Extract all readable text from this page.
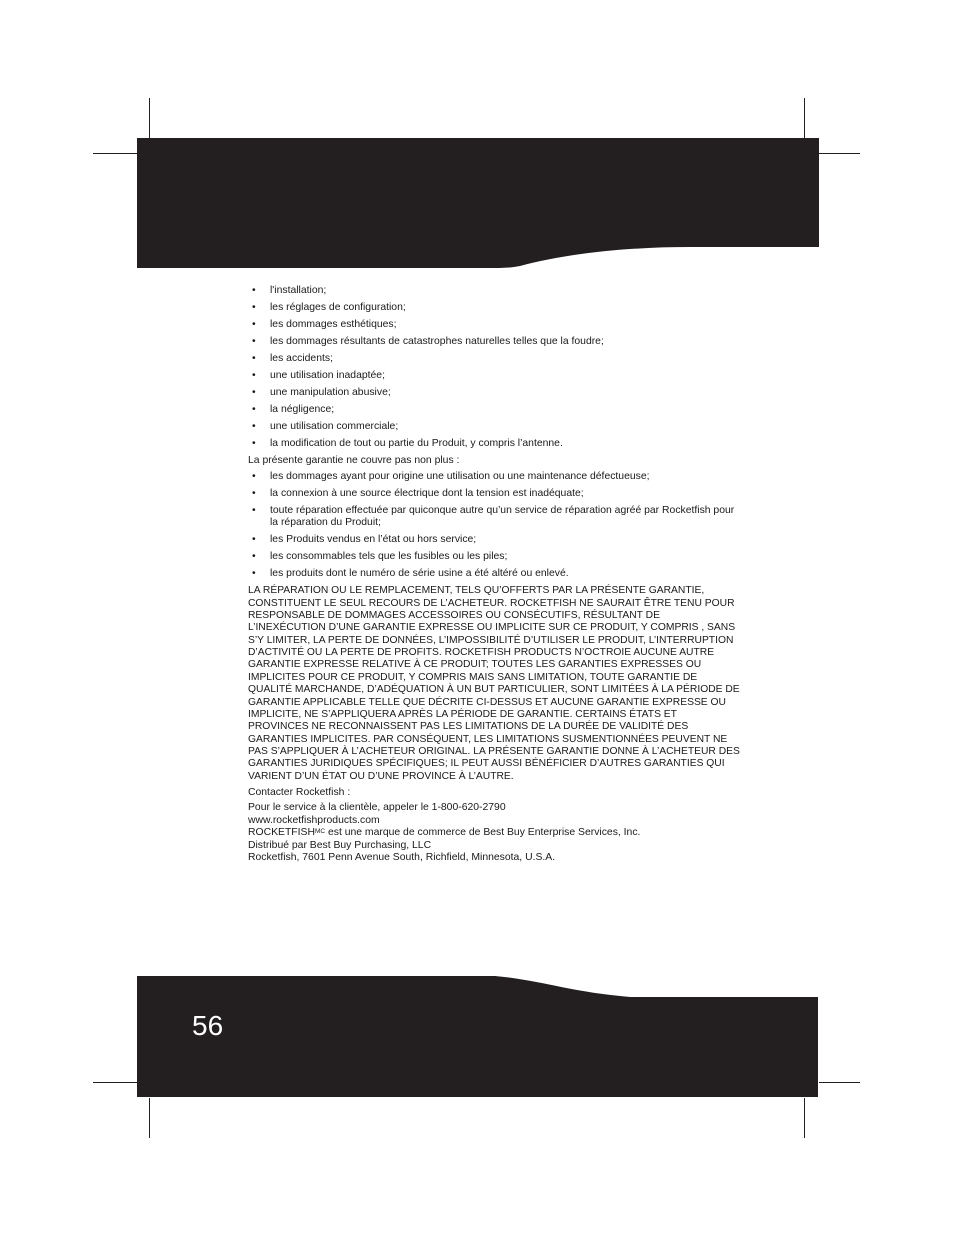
• l'installation;
• les réglages de configuration;
• les dommages esthétiques;
• les dommages résultants de catastrophes naturelles telles que la foudre;
• les accidents;
• une utilisation inadaptée;
• une manipulation abusive;
• la négligence;
• une utilisation commerciale;
• la modification de tout ou partie du Produit, y compris l’antenne.

La présente garantie ne couvre pas non plus :

• les dommages ayant pour origine une utilisation ou une maintenance défectueuse;
• la connexion à une source électrique dont la tension est inadéquate;
• toute réparation effectuée par quiconque autre qu’un service de réparation agréé par Rocketfish pour la réparation du Produit;
• les Produits vendus en l’état ou hors service;
• les consommables tels que les fusibles ou les piles;
• les produits dont le numéro de série usine a été altéré ou enlevé.

LA RÉPARATION OU LE REMPLACEMENT, TELS QU’OFFERTS PAR LA PRÉSENTE GARANTIE, CONSTITUENT LE SEUL RECOURS DE L’ACHETEUR. ROCKETFISH NE SAURAIT ÊTRE TENU POUR RESPONSABLE DE DOMMAGES ACCESSOIRES OU CONSÉCUTIFS, RÉSULTANT DE L’INEXÉCUTION D’UNE GARANTIE EXPRESSE OU IMPLICITE SUR CE PRODUIT, Y COMPRIS , SANS S’Y LIMITER, LA PERTE DE DONNÉES, L’IMPOSSIBILITÉ D’UTILISER LE PRODUIT, L’INTERRUPTION D’ACTIVITÉ OU LA PERTE DE PROFITS. ROCKETFISH PRODUCTS N’OCTROIE AUCUNE AUTRE GARANTIE EXPRESSE RELATIVE À CE PRODUIT; TOUTES LES GARANTIES EXPRESSES OU IMPLICITES POUR CE PRODUIT, Y COMPRIS MAIS SANS LIMITATION, TOUTE GARANTIE DE QUALITÉ MARCHANDE, D’ADÉQUATION À UN BUT PARTICULIER, SONT LIMITÉES À LA PÉRIODE DE GARANTIE APPLICABLE TELLE QUE DÉCRITE CI-DESSUS ET AUCUNE GARANTIE EXPRESSE OU IMPLICITE, NE S’APPLIQUERA APRÈS LA PÉRIODE DE GARANTIE. CERTAINS ÉTATS ET PROVINCES NE RECONNAISSENT PAS LES LIMITATIONS DE LA DURÉE DE VALIDITÉ DES GARANTIES IMPLICITES. PAR CONSÉQUENT, LES LIMITATIONS SUSMENTIONNÉES PEUVENT NE PAS S’APPLIQUER À L’ACHETEUR ORIGINAL. LA PRÉSENTE GARANTIE DONNE À L’ACHETEUR DES GARANTIES JURIDIQUES SPÉCIFIQUES; IL PEUT AUSSI BÉNÉFICIER D’AUTRES GARANTIES QUI VARIENT D’UN ÉTAT OU D’UNE PROVINCE À L’AUTRE.

Contacter Rocketfish :

Pour le service à la clientèle, appeler le 1-800-620-2790

www.rocketfishproducts.com

$ROCKETFISH^{MC}$ est une marque de commerce de Best Buy Enterprise Services, Inc.

Distribué par Best Buy Purchasing, LLC

Rocketfish, 7601 Penn Avenue South, Richfield, Minnesota, U.S.A.

56
